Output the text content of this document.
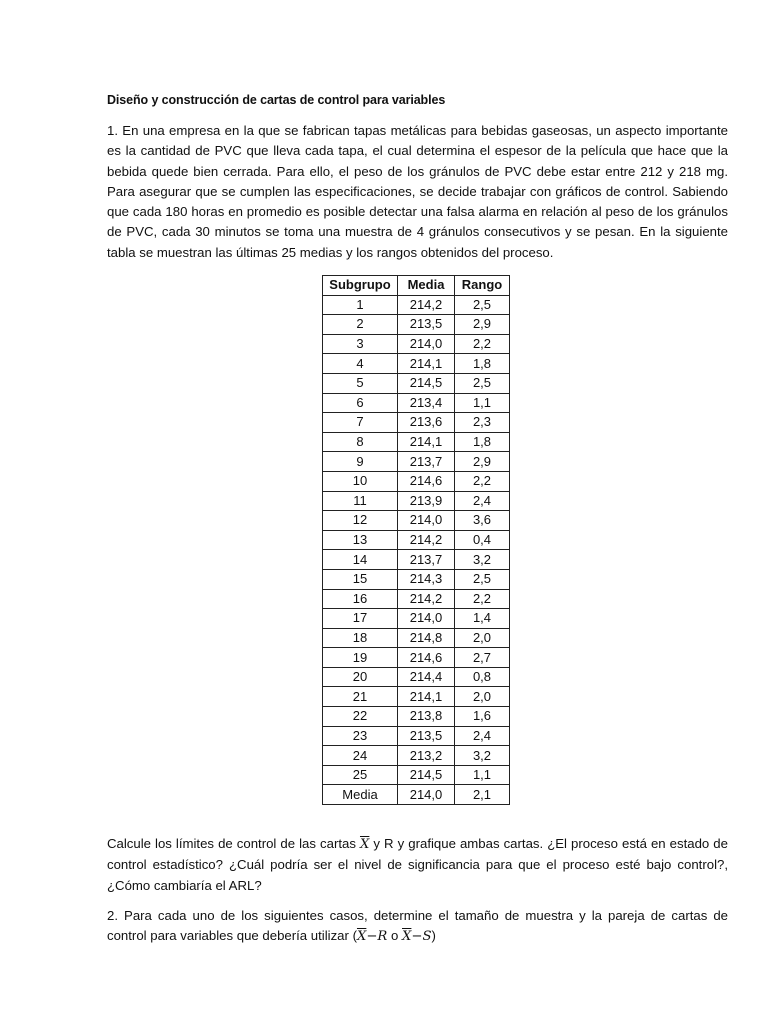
Diseño y construcción de cartas de control para variables

1. En una empresa en la que se fabrican tapas metálicas para bebidas gaseosas, un aspecto importante es la cantidad de PVC que lleva cada tapa, el cual determina el espesor de la película que hace que la bebida quede bien cerrada. Para ello, el peso de los gránulos de PVC debe estar entre 212 y 218 mg. Para asegurar que se cumplen las especificaciones, se decide trabajar con gráficos de control. Sabiendo que cada 180 horas en promedio es posible detectar una falsa alarma en relación al peso de los gránulos de PVC, cada 30 minutos se toma una muestra de 4 gránulos consecutivos y se pesan. En la siguiente tabla se muestran las últimas 25 medias y los rangos obtenidos del proceso.

Calcule los límites de control de las cartas $\overline{X}$ y R y grafique ambas cartas. ¿El proceso está en estado de control estadístico? ¿Cuál podría ser el nivel de significancia para que el proceso esté bajo control?, ¿Cómo cambiaría el ARL?

2. Para cada uno de los siguientes casos, determine el tamaño de muestra y la pareja de cartas de control para variables que debería utilizar ($\overline{X}-R$ o $\overline{X}-S$)

Subgrupo	Media	Rango
1	214,2	2,5
2	213,5	2,9
3	214,0	2,2
4	214,1	1,8
5	214,5	2,5
6	213,4	1,1
7	213,6	2,3
8	214,1	1,8
9	213,7	2,9
10	214,6	2,2
11	213,9	2,4
12	214,0	3,6
13	214,2	0,4
14	213,7	3,2
15	214,3	2,5
16	214,2	2,2
17	214,0	1,4
18	214,8	2,0
19	214,6	2,7
20	214,4	0,8
21	214,1	2,0
22	213,8	1,6
23	213,5	2,4
24	213,2	3,2
25	214,5	1,1
Media	214,0	2,1
